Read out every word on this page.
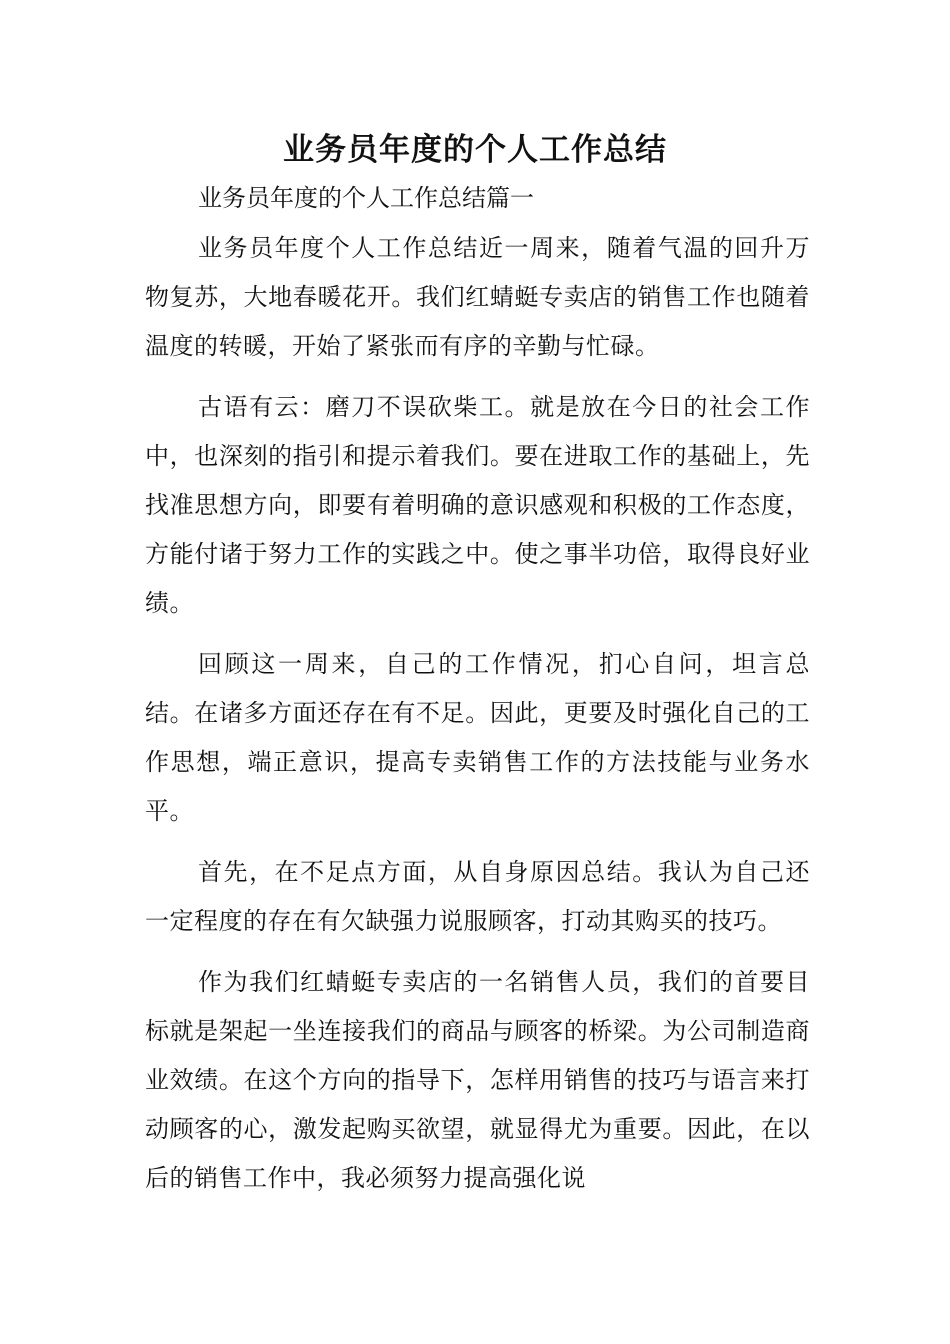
业务员年度的个人工作总结

业务员年度的个人工作总结篇一

业务员年度个人工作总结近一周来，随着气温的回升万物复苏，大地春暖花开。我们红蜻蜓专卖店的销售工作也随着温度的转暖，开始了紧张而有序的辛勤与忙碌。

古语有云：磨刀不误砍柴工。就是放在今日的社会工作中，也深刻的指引和提示着我们。要在进取工作的基础上，先找准思想方向，即要有着明确的意识感观和积极的工作态度，方能付诸于努力工作的实践之中。使之事半功倍，取得良好业绩。

回顾这一周来，自己的工作情况，扪心自问，坦言总结。在诸多方面还存在有不足。因此，更要及时强化自己的工作思想，端正意识，提高专卖销售工作的方法技能与业务水平。

首先，在不足点方面，从自身原因总结。我认为自己还一定程度的存在有欠缺强力说服顾客，打动其购买的技巧。

作为我们红蜻蜓专卖店的一名销售人员，我们的首要目标就是架起一坐连接我们的商品与顾客的桥梁。为公司制造商业效绩。在这个方向的指导下，怎样用销售的技巧与语言来打动顾客的心，激发起购买欲望，就显得尤为重要。因此，在以后的销售工作中，我必须努力提高强化说
